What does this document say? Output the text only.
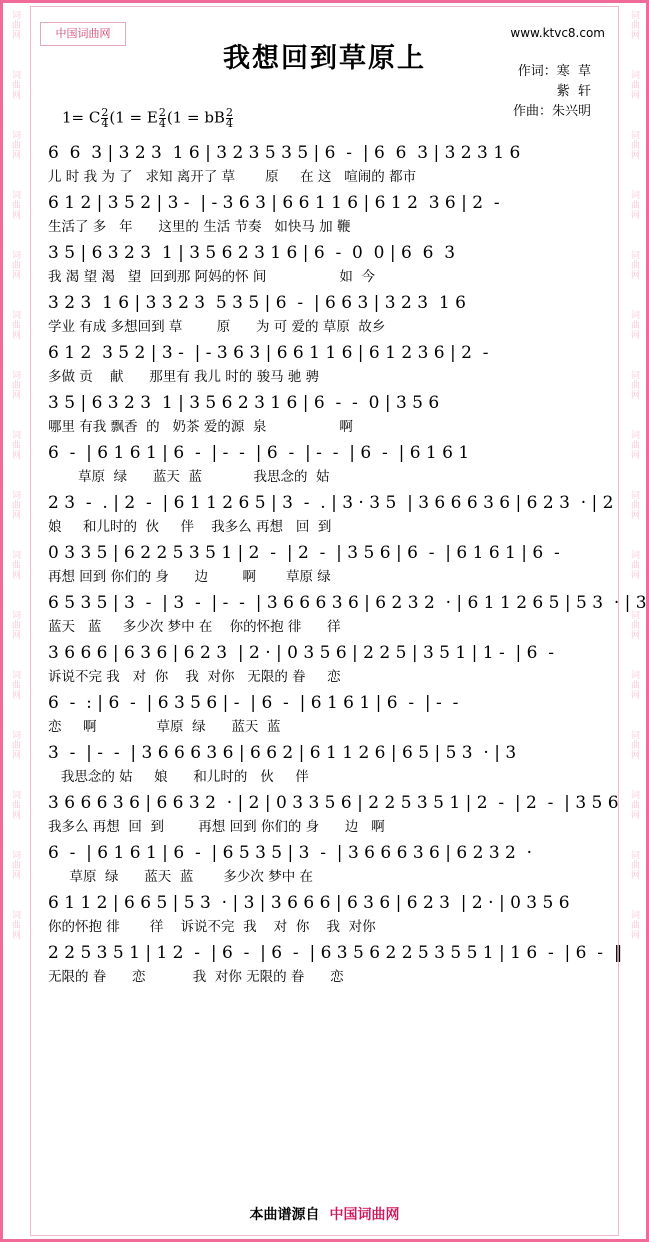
词曲网
词曲网
词曲网
词曲网
词曲网
词曲网
词曲网
词曲网
词曲网
词曲网
词曲网
词曲网
词曲网
词曲网
词曲网
词曲网
词曲网
词曲网
词曲网
词曲网
词曲网
词曲网
词曲网
词曲网
词曲网
词曲网
词曲网
词曲网
词曲网
词曲网
词曲网
词曲网
中国词曲网	www.ktvc8.com
我想回到草原上	作词：寒  草
紫  轩
作曲：朱兴明
1= C $\frac{2}{4} (1 = E \frac{2}{4} (1$ = bB $\frac{2}{4}$
6  6  3 | 3 2 3  1 6 | 3 2 3 5 3 5 | 6  -  | 6  6  3 | 3 2 3 1 6
儿 时 我 为 了   求知 离开了 草       原     在 这   喧闹的 都市
6 1 2 | 3 5 2 | 3 -  | - 3 6 3 | 6 6 1 1 6 | 6 1 2  3 6 | 2  -
生活了 多   年      这里的 生活 节奏   如快马 加 鞭
3 5 | 6 3 2 3  1 | 3 5 6 2 3 1 6 | 6  -  0  0 | 6  6  3
我 渴 望 渴   望  回到那 阿妈的怀 间                 如  今
3 2 3  1 6 | 3 3 2 3  5 3 5 | 6  -  | 6 6 3 | 3 2 3  1 6
学业 有成 多想回到 草        原      为 可 爱的 草原  故乡
6 1 2  3 5 2 | 3 -  | - 3 6 3 | 6 6 1 1 6 | 6 1 2 3 6 | 2  -
多做 贡    献      那里有 我儿 时的 骏马 驰 骋
3 5 | 6 3 2 3  1 | 3 5 6 2 3 1 6 | 6  -  -  0 | 3 5 6
哪里 有我 飘香  的   奶茶 爱的源  泉                 啊
6  -  | 6 1 6 1 | 6  -  | -  -  | 6  -  | -  -  | 6  -  | 6 1 6 1
草原  绿      蓝天  蓝            我思念的  姑
2 3  -  . | 2  -  | 6 1 1 2 6 5 | 3  -  . | 3 · 3 5  | 3 6 6 6 3 6 | 6 2 3  · | 2
娘     和儿时的  伙     伴    我多么 再想   回  到
0 3 3 5 | 6 2 2 5 3 5 1 | 2  -  | 2  -  | 3 5 6 | 6  -  | 6 1 6 1 | 6  -
再想 回到 你们的 身      边        啊       草原 绿
6 5 3 5 | 3  -  | 3  -  | -  -  | 3 6 6 6 3 6 | 6 2 3 2  · | 6 1 1 2 6 5 | 5 3  · | 3
蓝天   蓝     多少次 梦中 在    你的怀抱 徘      徉
3 6 6 6 | 6 3 6 | 6 2 3  | 2 · | 0 3 5 6 | 2 2 5 | 3 5 1 | 1 -  | 6  -
诉说不完 我   对  你    我  对你   无限的 眷     恋
6  -  : | 6  -  | 6 3 5 6 | -  | 6  -  | 6 1 6 1 | 6  -  | -  -
恋     啊              草原  绿      蓝天  蓝
3  -  | -  -  | 3 6 6 6 3 6 | 6 6 2 | 6 1 1 2 6 | 6 5 | 5 3  · | 3
我思念的 姑     娘      和儿时的   伙     伴
3 6 6 6 3 6 | 6 6 3 2  · | 2 | 0 3 3 5 6 | 2 2 5 3 5 1 | 2  -  | 2  -  | 3 5 6
我多么 再想  回  到        再想 回到 你们的 身      边   啊
6  -  | 6 1 6 1 | 6  -  | 6 5 3 5 | 3  -  | 3 6 6 6 3 6 | 6 2 3 2  ·
草原  绿      蓝天  蓝       多少次 梦中 在
6 1 1 2 | 6 6 5 | 5 3  · | 3 | 3 6 6 6 | 6 3 6 | 6 2 3  | 2 · | 0 3 5 6
你的怀抱 徘       徉    诉说不完  我    对  你    我  对你
2 2 5 3 5 1 | 1 2  -  | 6  -  | 6  -  | 6 3 5 6 2 2 5 3 5 5 1 | 1 6  -  | 6  -  ‖
无限的 眷      恋           我  对你 无限的 眷      恋
本曲谱源自 中国词曲网
